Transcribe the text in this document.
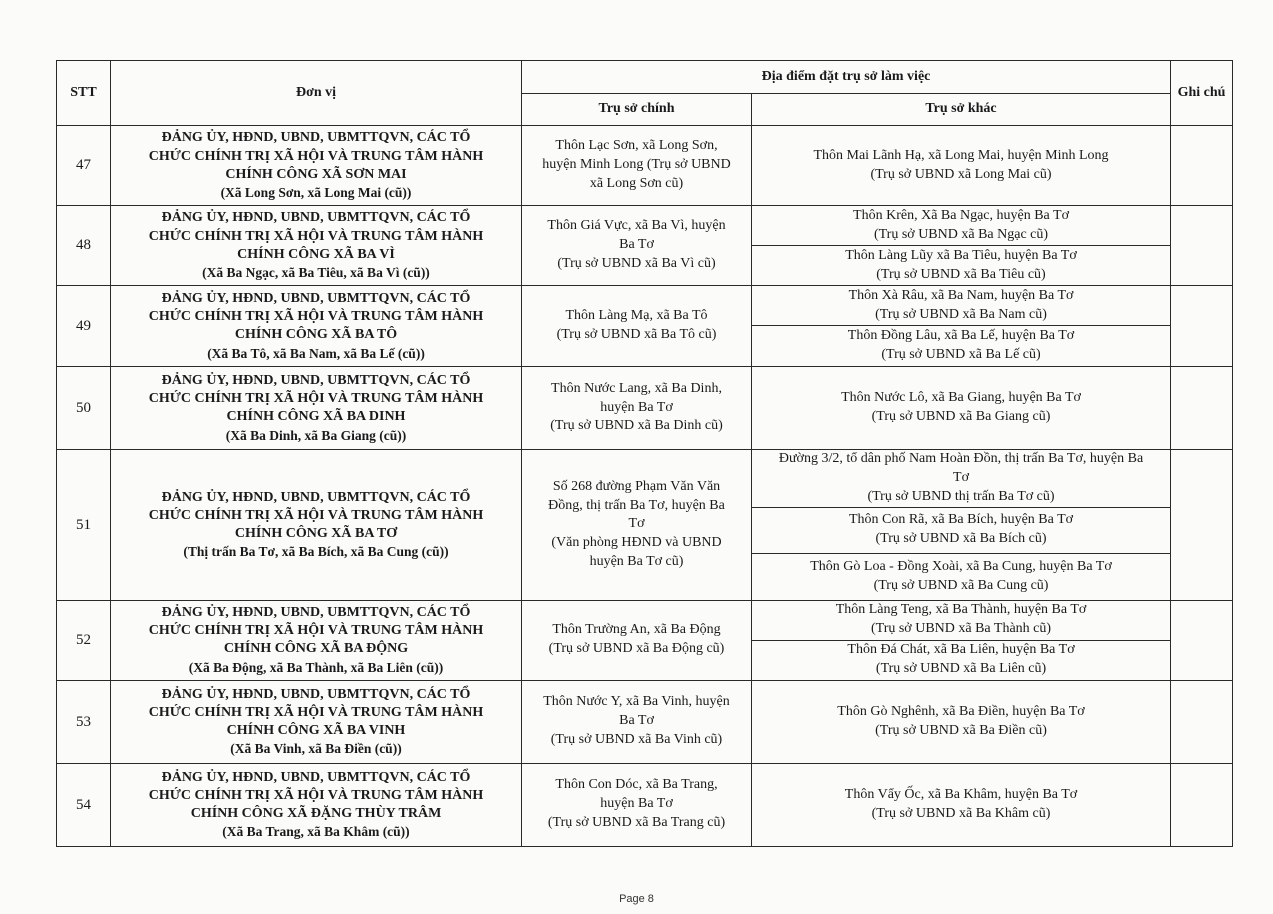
STT	Đơn vị	Địa điểm đặt trụ sở làm việc		Ghi chú
		Trụ sở chính	Trụ sở khác	
47	ĐẢNG ỦY, HĐND, UBND, UBMTTQVN, CÁC TỔ
CHỨC CHÍNH TRỊ XÃ HỘI VÀ TRUNG TÂM HÀNH
CHÍNH CÔNG XÃ SƠN MAI
(Xã Long Sơn, xã Long Mai (cũ))	Thôn Lạc Sơn, xã Long Sơn,
huyện Minh Long (Trụ sở UBND
xã Long Sơn cũ)	Thôn Mai Lãnh Hạ, xã Long Mai, huyện Minh Long
(Trụ sở UBND xã Long Mai cũ)	

48	ĐẢNG ỦY, HĐND, UBND, UBMTTQVN, CÁC TỔ
CHỨC CHÍNH TRỊ XÃ HỘI VÀ TRUNG TÂM HÀNH
CHÍNH CÔNG XÃ BA VÌ
(Xã Ba Ngạc, xã Ba Tiêu, xã Ba Vì (cũ))	Thôn Giá Vực, xã Ba Vì, huyện
Ba Tơ
(Trụ sở UBND xã Ba Vì cũ)	Thôn Krên, Xã Ba Ngạc, huyện Ba Tơ
(Trụ sở UBND xã Ba Ngạc cũ)	

			Thôn Làng Lũy xã Ba Tiêu, huyện Ba Tơ
(Trụ sở UBND xã Ba Tiêu cũ)	

49	ĐẢNG ỦY, HĐND, UBND, UBMTTQVN, CÁC TỔ
CHỨC CHÍNH TRỊ XÃ HỘI VÀ TRUNG TÂM HÀNH
CHÍNH CÔNG XÃ BA TÔ
(Xã Ba Tô, xã Ba Nam, xã Ba Lế (cũ))	Thôn Làng Mạ, xã Ba Tô
(Trụ sở UBND xã Ba Tô cũ)	Thôn Xà Râu, xã Ba Nam, huyện Ba Tơ
(Trụ sở UBND xã Ba Nam cũ)	

			Thôn Đồng Lâu, xã Ba Lế, huyện Ba Tơ
(Trụ sở UBND xã Ba Lế cũ)	

50	ĐẢNG ỦY, HĐND, UBND, UBMTTQVN, CÁC TỔ
CHỨC CHÍNH TRỊ XÃ HỘI VÀ TRUNG TÂM HÀNH
CHÍNH CÔNG XÃ BA DINH
(Xã Ba Dinh, xã Ba Giang (cũ))	Thôn Nước Lang, xã Ba Dinh,
huyện Ba Tơ
(Trụ sở UBND xã Ba Dinh cũ)	Thôn Nước Lô, xã Ba Giang, huyện Ba Tơ
(Trụ sở UBND xã Ba Giang cũ)	

51	ĐẢNG ỦY, HĐND, UBND, UBMTTQVN, CÁC TỔ
CHỨC CHÍNH TRỊ XÃ HỘI VÀ TRUNG TÂM HÀNH
CHÍNH CÔNG XÃ BA TƠ
(Thị trấn Ba Tơ, xã Ba Bích, xã Ba Cung (cũ))	Số 268 đường Phạm Văn Văn
Đồng, thị trấn Ba Tơ, huyện Ba
Tơ
(Văn phòng HĐND và UBND
huyện Ba Tơ cũ)	Đường 3/2, tổ dân phố Nam Hoàn Đồn, thị trấn Ba Tơ, huyện Ba
Tơ
(Trụ sở UBND thị trấn Ba Tơ cũ)	

			Thôn Con Rã, xã Ba Bích, huyện Ba Tơ
(Trụ sở UBND xã Ba Bích cũ)	

			Thôn Gò Loa - Đồng Xoài, xã Ba Cung, huyện Ba Tơ
(Trụ sở UBND xã Ba Cung cũ)	

52	ĐẢNG ỦY, HĐND, UBND, UBMTTQVN, CÁC TỔ
CHỨC CHÍNH TRỊ XÃ HỘI VÀ TRUNG TÂM HÀNH
CHÍNH CÔNG XÃ BA ĐỘNG
(Xã Ba Động, xã Ba Thành, xã Ba Liên (cũ))	Thôn Trường An, xã Ba Động
(Trụ sở UBND xã Ba Động cũ)	Thôn Làng Teng, xã Ba Thành, huyện Ba Tơ
(Trụ sở UBND xã Ba Thành cũ)	

			Thôn Đá Chát, xã Ba Liên, huyện Ba Tơ
(Trụ sở UBND xã Ba Liên cũ)	

53	ĐẢNG ỦY, HĐND, UBND, UBMTTQVN, CÁC TỔ
CHỨC CHÍNH TRỊ XÃ HỘI VÀ TRUNG TÂM HÀNH
CHÍNH CÔNG XÃ BA VINH
(Xã Ba Vinh, xã Ba Điền (cũ))	Thôn Nước Y, xã Ba Vinh, huyện
Ba Tơ
(Trụ sở UBND xã Ba Vinh cũ)	Thôn Gò Nghênh, xã Ba Điền, huyện Ba Tơ
(Trụ sở UBND xã Ba Điền cũ)	

54	ĐẢNG ỦY, HĐND, UBND, UBMTTQVN, CÁC TỔ
CHỨC CHÍNH TRỊ XÃ HỘI VÀ TRUNG TÂM HÀNH
CHÍNH CÔNG XÃ ĐẶNG THÙY TRÂM
(Xã Ba Trang, xã Ba Khâm (cũ))	Thôn Con Dóc, xã Ba Trang,
huyện Ba Tơ
(Trụ sở UBND xã Ba Trang cũ)	Thôn Vẩy Ốc, xã Ba Khâm, huyện Ba Tơ
(Trụ sở UBND xã Ba Khâm cũ)	

Page 8
